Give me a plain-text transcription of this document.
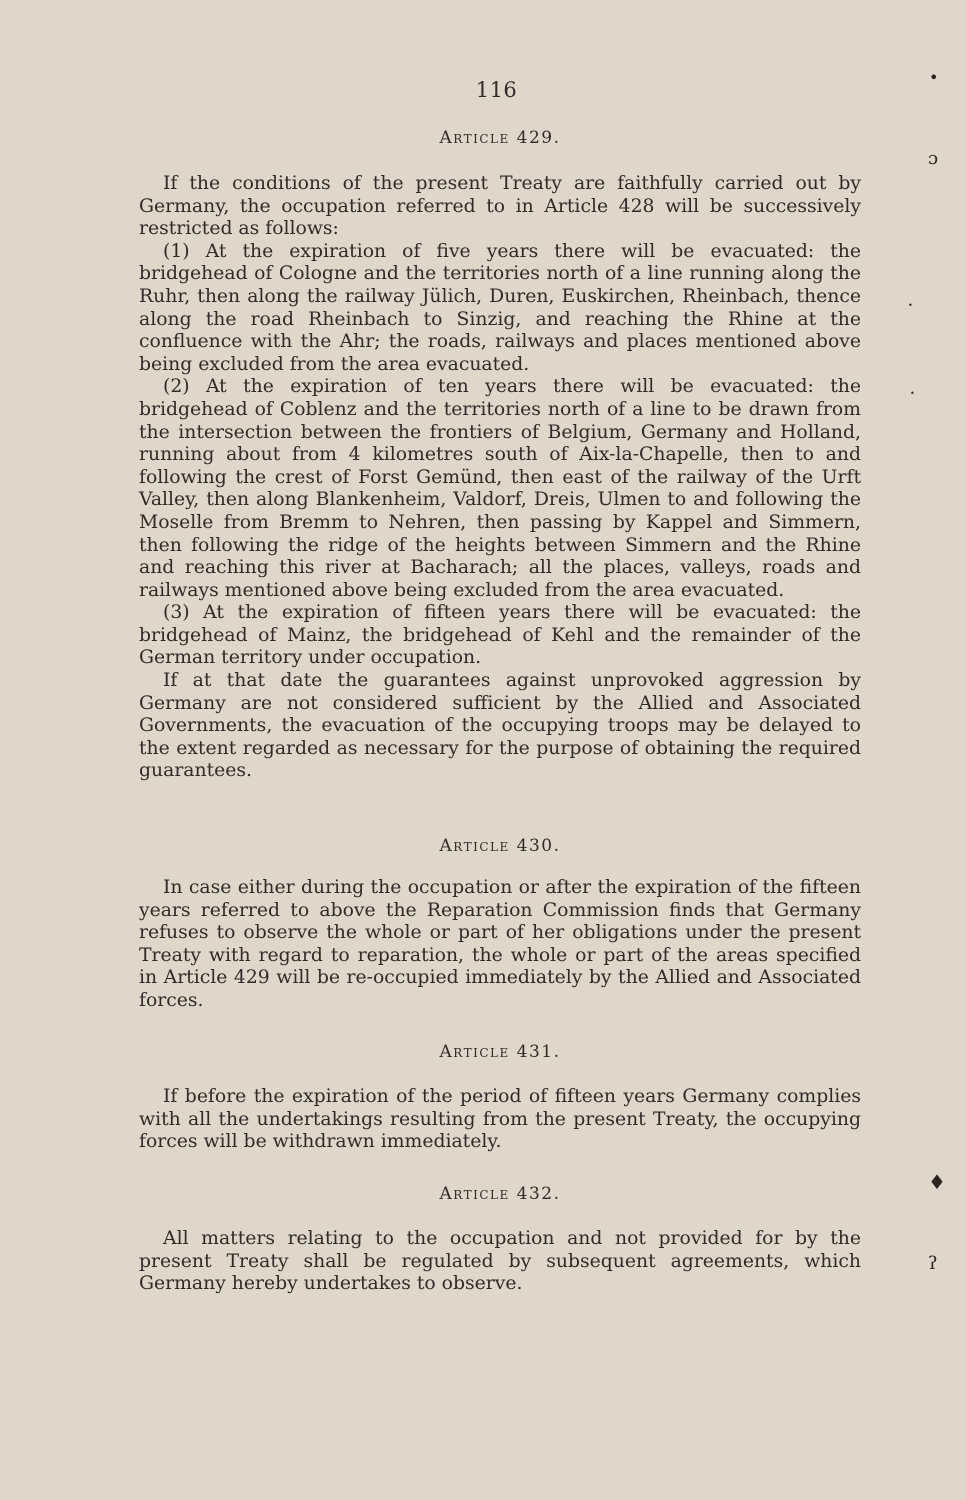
116
Article 429.

If the conditions of the present Treaty are faithfully carried out by Germany, the occupation referred to in Article 428 will be successively restricted as follows:

(1) At the expiration of five years there will be evacuated: the bridgehead of Cologne and the territories north of a line running along the Ruhr, then along the railway Jülich, Duren, Euskirchen, Rheinbach, thence along the road Rheinbach to Sinzig, and reaching the Rhine at the confluence with the Ahr; the roads, railways and places mentioned above being excluded from the area evacuated.

(2) At the expiration of ten years there will be evacuated: the bridgehead of Coblenz and the territories north of a line to be drawn from the intersection between the frontiers of Belgium, Germany and Holland, running about from 4 kilometres south of Aix-la-Chapelle, then to and following the crest of Forst Gemünd, then east of the railway of the Urft Valley, then along Blankenheim, Valdorf, Dreis, Ulmen to and following the Moselle from Bremm to Nehren, then passing by Kappel and Simmern, then following the ridge of the heights between Simmern and the Rhine and reaching this river at Bacharach; all the places, valleys, roads and railways mentioned above being excluded from the area evacuated.

(3) At the expiration of fifteen years there will be evacuated: the bridgehead of Mainz, the bridgehead of Kehl and the remainder of the German territory under occupation.

If at that date the guarantees against unprovoked aggression by Germany are not considered sufficient by the Allied and Associated Governments, the evacuation of the occupying troops may be delayed to the extent regarded as necessary for the purpose of obtaining the required guarantees.

Article 430.

In case either during the occupation or after the expiration of the fifteen years referred to above the Reparation Commission finds that Germany refuses to observe the whole or part of her obligations under the present Treaty with regard to reparation, the whole or part of the areas specified in Article 429 will be re-occupied immediately by the Allied and Associated forces.

Article 431.

If before the expiration of the period of fifteen years Germany complies with all the undertakings resulting from the present Treaty, the occupying forces will be withdrawn immediately.

Article 432.

All matters relating to the occupation and not provided for by the present Treaty shall be regulated by subsequent agreements, which Germany hereby undertakes to observe.

•
ɔ
•
•
♦
ʔ
